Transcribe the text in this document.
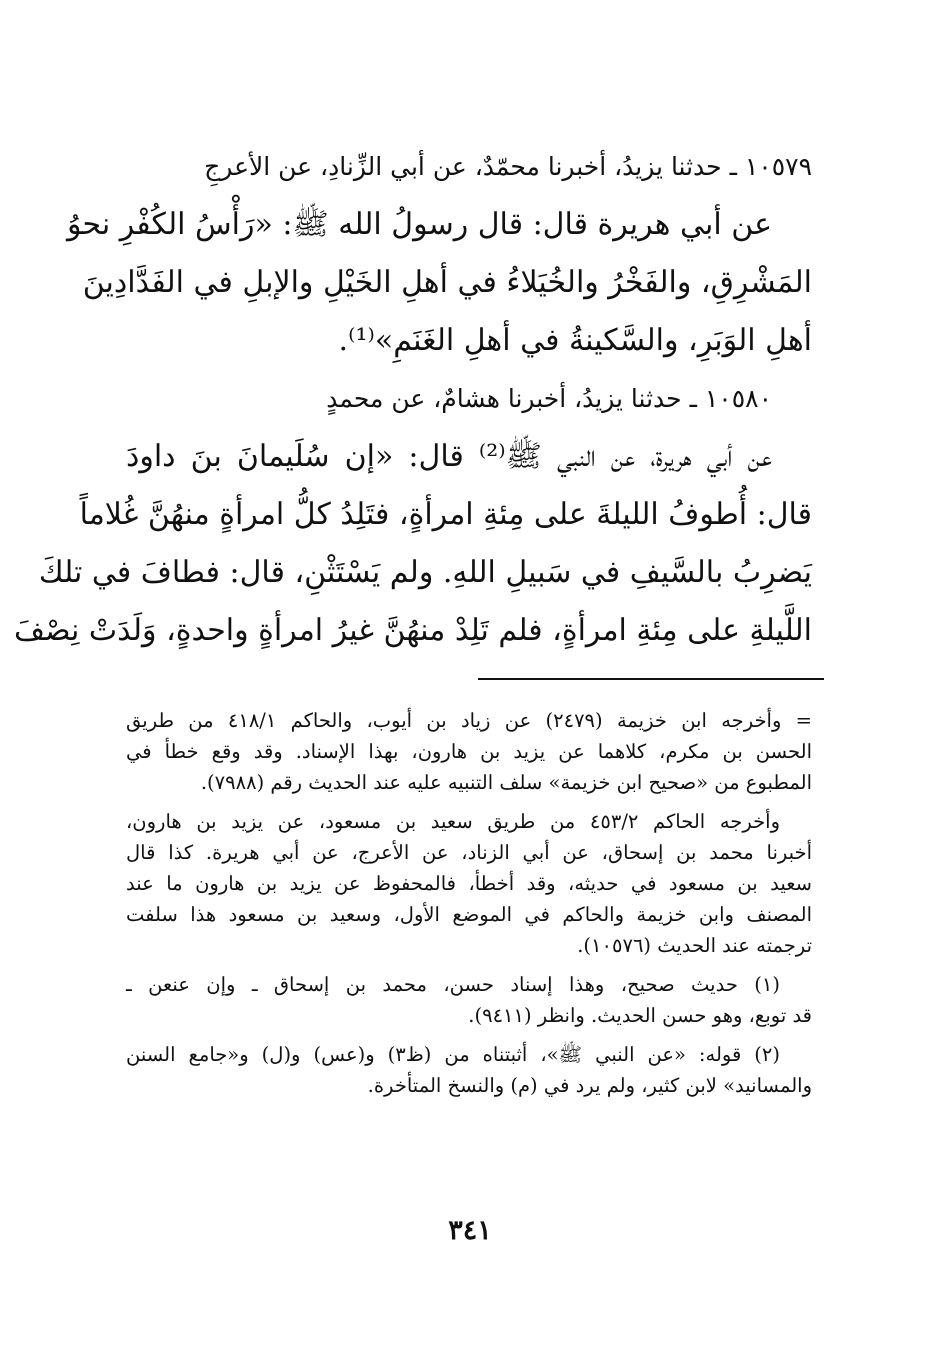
١٠٥٧٩ ـ حدثنا يزيدُ، أخبرنا محمّدٌ، عن أبي الزِّنادِ، عن الأعرجِ
عن أبي هريرة قال: قال رسولُ الله ﷺ: «رَأْسُ الكُفْرِ نحوُ
المَشْرِقِ، والفَخْرُ والخُيَلاءُ في أهلِ الخَيْلِ والإبلِ في الفَدَّادِينَ
أهلِ الوَبَرِ، والسَّكينةُ في أهلِ الغَنَمِ»⁽¹⁾.
١٠٥٨٠ ـ حدثنا يزيدُ، أخبرنا هشامٌ، عن محمدٍ
عن أبي هريرة، عن النبي ﷺ⁽²⁾ قال: «إن سُلَيمانَ بنَ داودَ
قال: أُطوفُ الليلةَ على مِئةِ امرأةٍ، فتَلِدُ كلُّ امرأةٍ منهُنَّ غُلاماً
يَضرِبُ بالسَّيفِ في سَبيلِ اللهِ. ولم يَسْتَثْنِ، قال: فطافَ في تلكَ
اللَّيلةِ على مِئةِ امرأةٍ، فلم تَلِدْ منهُنَّ غيرُ امرأةٍ واحدةٍ، وَلَدَتْ نِصْفَ
= وأخرجه ابن خزيمة (٢٤٧٩) عن زياد بن أيوب، والحاكم ٤١٨/١ من طريق
الحسن بن مكرم، كلاهما عن يزيد بن هارون، بهذا الإسناد. وقد وقع خطأ في
المطبوع من «صحيح ابن خزيمة» سلف التنبيه عليه عند الحديث رقم (٧٩٨٨).
وأخرجه الحاكم ٤٥٣/٢ من طريق سعيد بن مسعود، عن يزيد بن هارون،
أخبرنا محمد بن إسحاق، عن أبي الزناد، عن الأعرج، عن أبي هريرة. كذا قال
سعيد بن مسعود في حديثه، وقد أخطأ، فالمحفوظ عن يزيد بن هارون ما عند
المصنف وابن خزيمة والحاكم في الموضع الأول، وسعيد بن مسعود هذا سلفت
ترجمته عند الحديث (١٠٥٧٦).
(١) حديث صحيح، وهذا إسناد حسن، محمد بن إسحاق ـ وإن عنعن ـ
قد توبع، وهو حسن الحديث. وانظر (٩٤١١).
(٢) قوله: «عن النبي ﷺ»، أثبتناه من (ظ٣) و(عس) و(ل) و«جامع السنن
والمسانيد» لابن كثير، ولم يرد في (م) والنسخ المتأخرة.
٣٤١
